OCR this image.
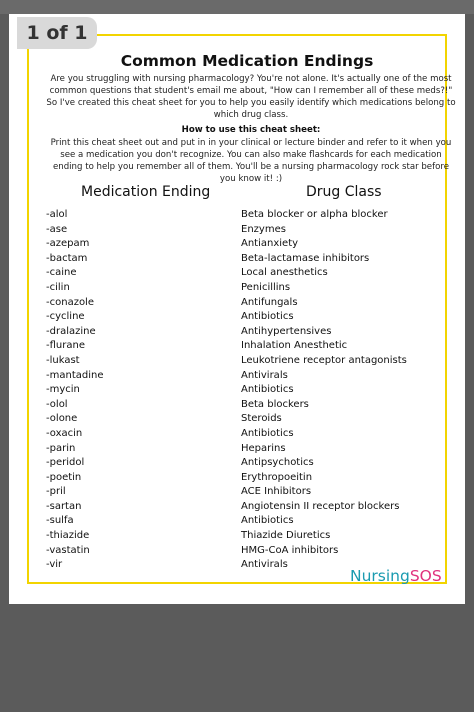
Common Medication Endings
Are you struggling with nursing pharmacology? You're not alone. It's actually one of the most common questions that student's email me about, "How can I remember all of these meds?!" So I've created this cheat sheet for you to help you easily identify which medications belong to which drug class.
How to use this cheat sheet:
Print this cheat sheet out and put in in your clinical or lecture binder and refer to it when you see a medication you don't recognize. You can also make flashcards for each medication ending to help you remember all of them. You'll be a nursing pharmacology rock star before you know it! :)
Medication Ending	Drug Class
-alol
-ase
-azepam
-bactam
-caine
-cilin
-conazole
-cycline
-dralazine
-flurane
-lukast
-mantadine
-mycin
-olol
-olone
-oxacin
-parin
-peridol
-poetin
-pril
-sartan
-sulfa
-thiazide
-vastatin
-vir
Beta blocker or alpha blocker
Enzymes
Antianxiety
Beta-lactamase inhibitors
Local anesthetics
Penicillins
Antifungals
Antibiotics
Antihypertensives
Inhalation Anesthetic
Leukotriene receptor antagonists
Antivirals
Antibiotics
Beta blockers
Steroids
Antibiotics
Heparins
Antipsychotics
Erythropoeitin
ACE Inhibitors
Angiotensin II receptor blockers
Antibiotics
Thiazide Diuretics
HMG-CoA inhibitors
Antivirals
NursingSOS
1 of 1
